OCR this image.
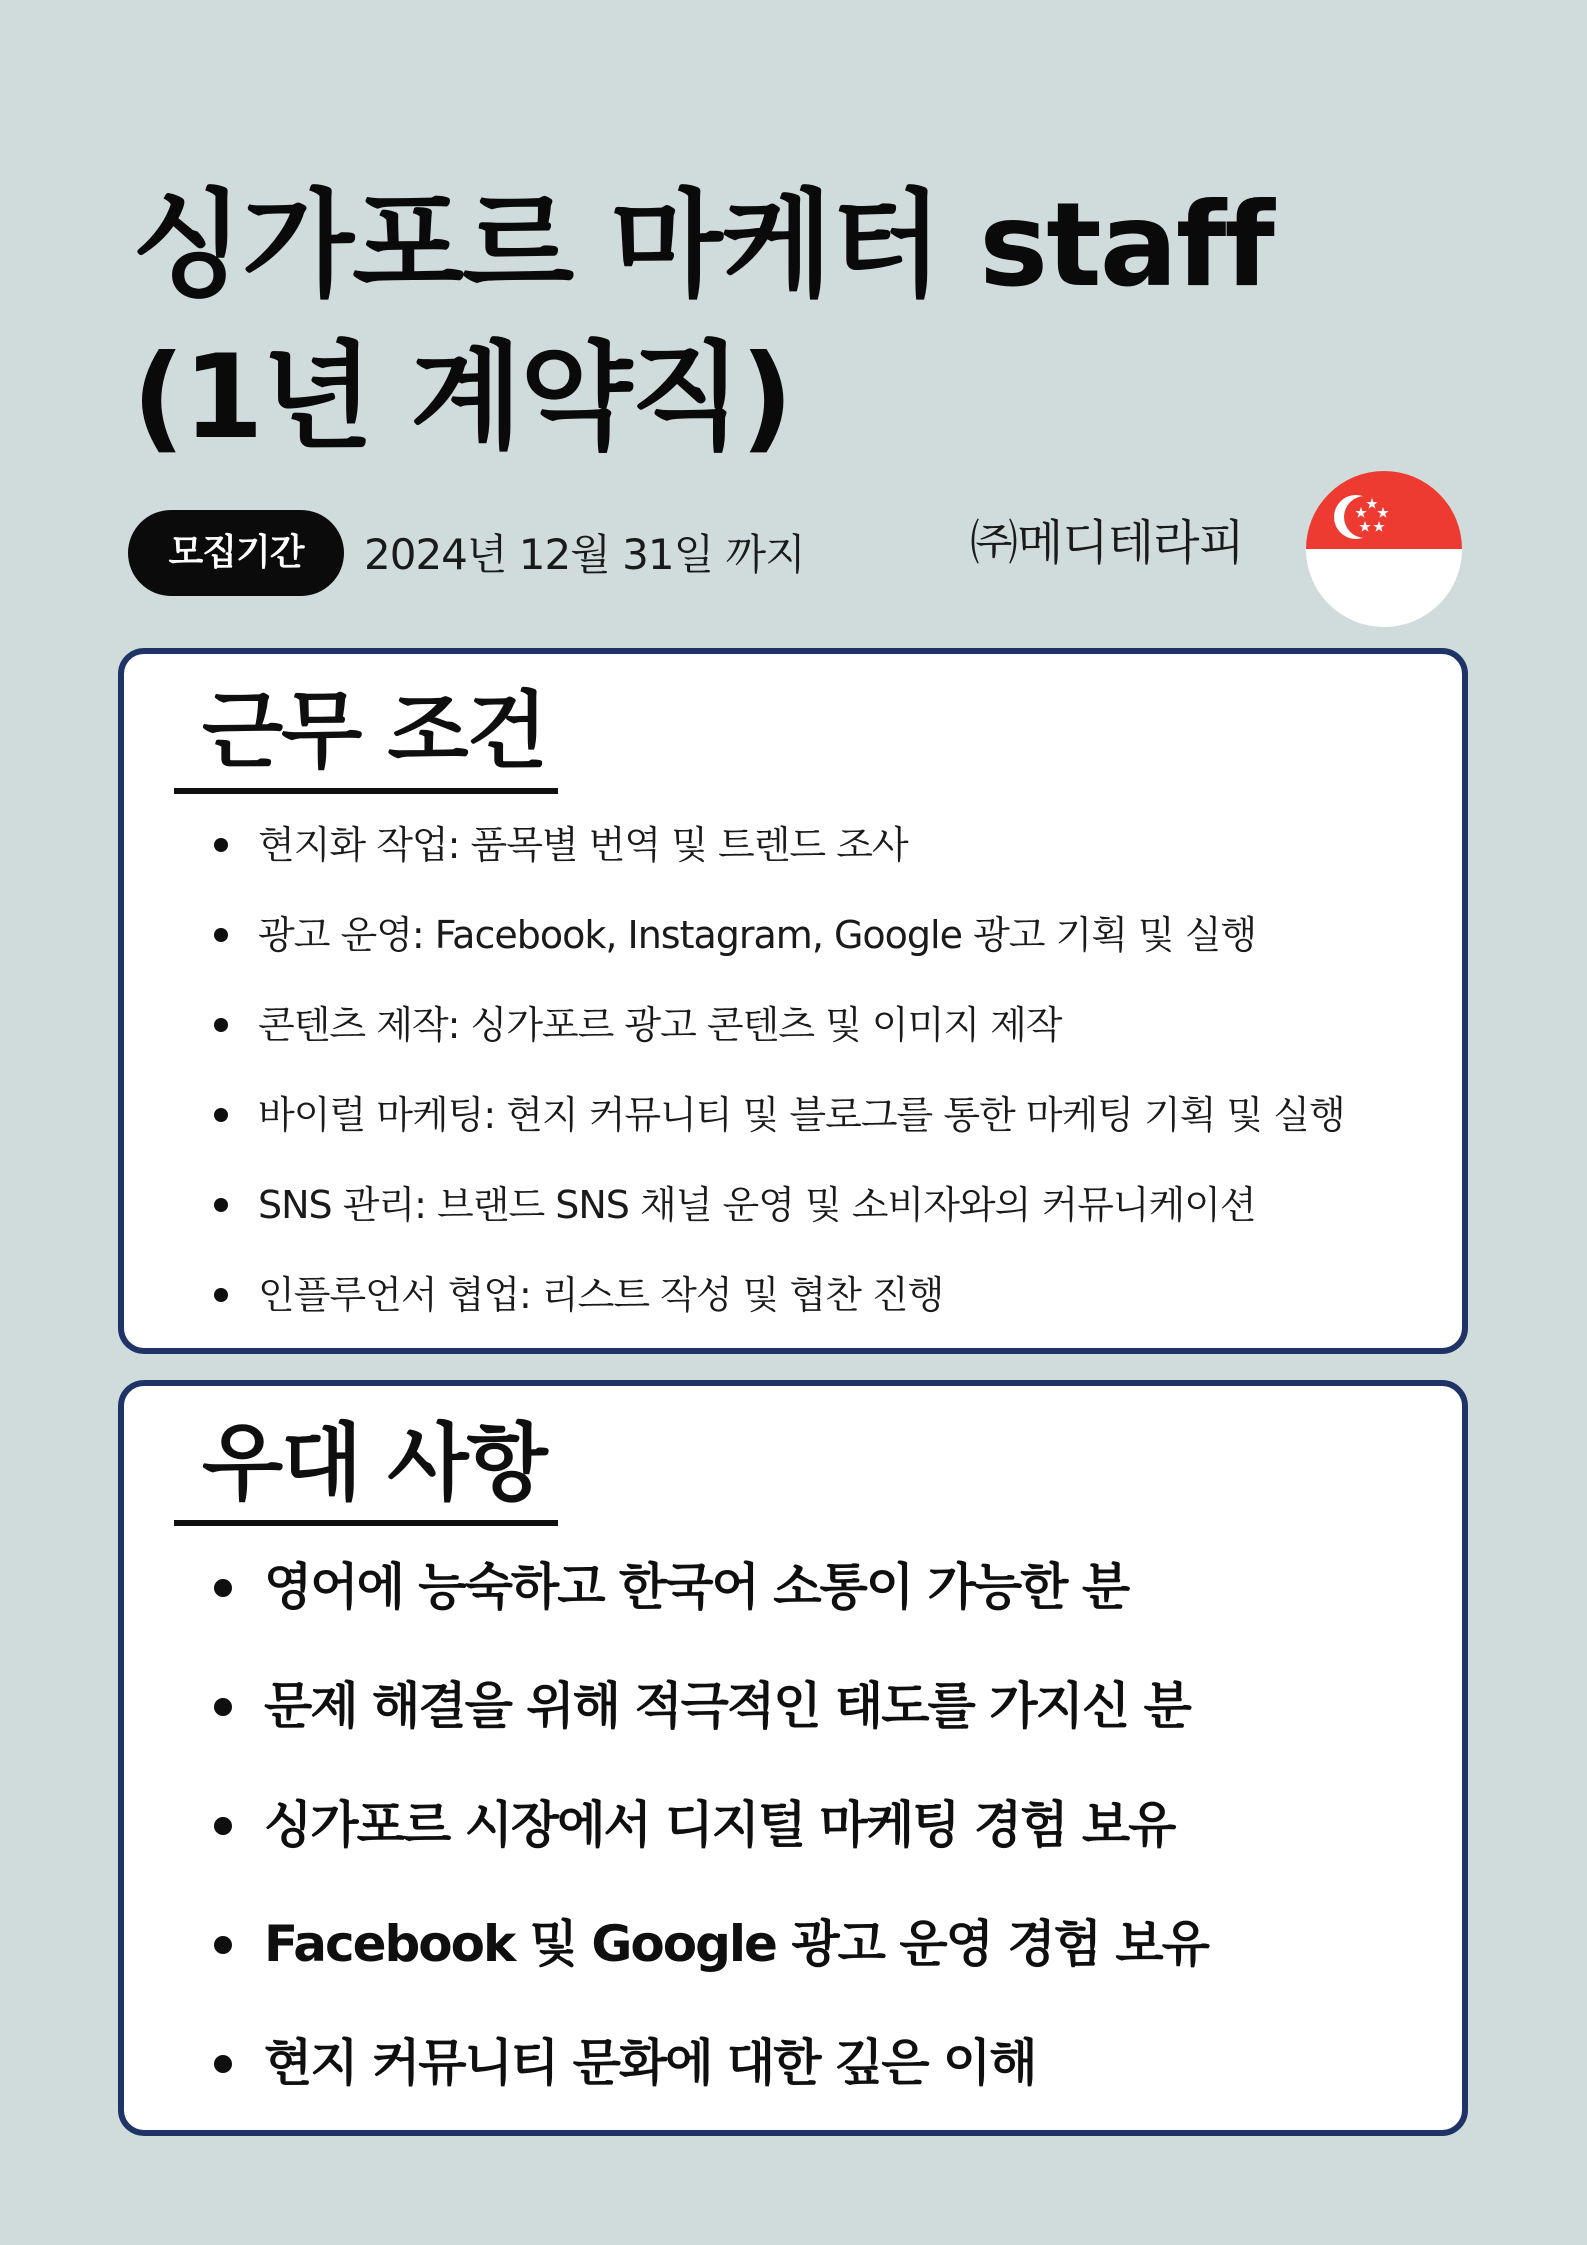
싱가포르 마케터 staff
(1년 계약직)
모집기간	2024년 12월 31일 까지	㈜메디테라피
근무 조건
현지화 작업: 품목별 번역 및 트렌드 조사
광고 운영: Facebook, Instagram, Google 광고 기획 및 실행
콘텐츠 제작: 싱가포르 광고 콘텐츠 및 이미지 제작
바이럴 마케팅: 현지 커뮤니티 및 블로그를 통한 마케팅 기획 및 실행
SNS 관리: 브랜드 SNS 채널 운영 및 소비자와의 커뮤니케이션
인플루언서 협업: 리스트 작성 및 협찬 진행
우대 사항
영어에 능숙하고 한국어 소통이 가능한 분
문제 해결을 위해 적극적인 태도를 가지신 분
싱가포르 시장에서 디지털 마케팅 경험 보유
Facebook 및 Google 광고 운영 경험 보유
현지 커뮤니티 문화에 대한 깊은 이해
